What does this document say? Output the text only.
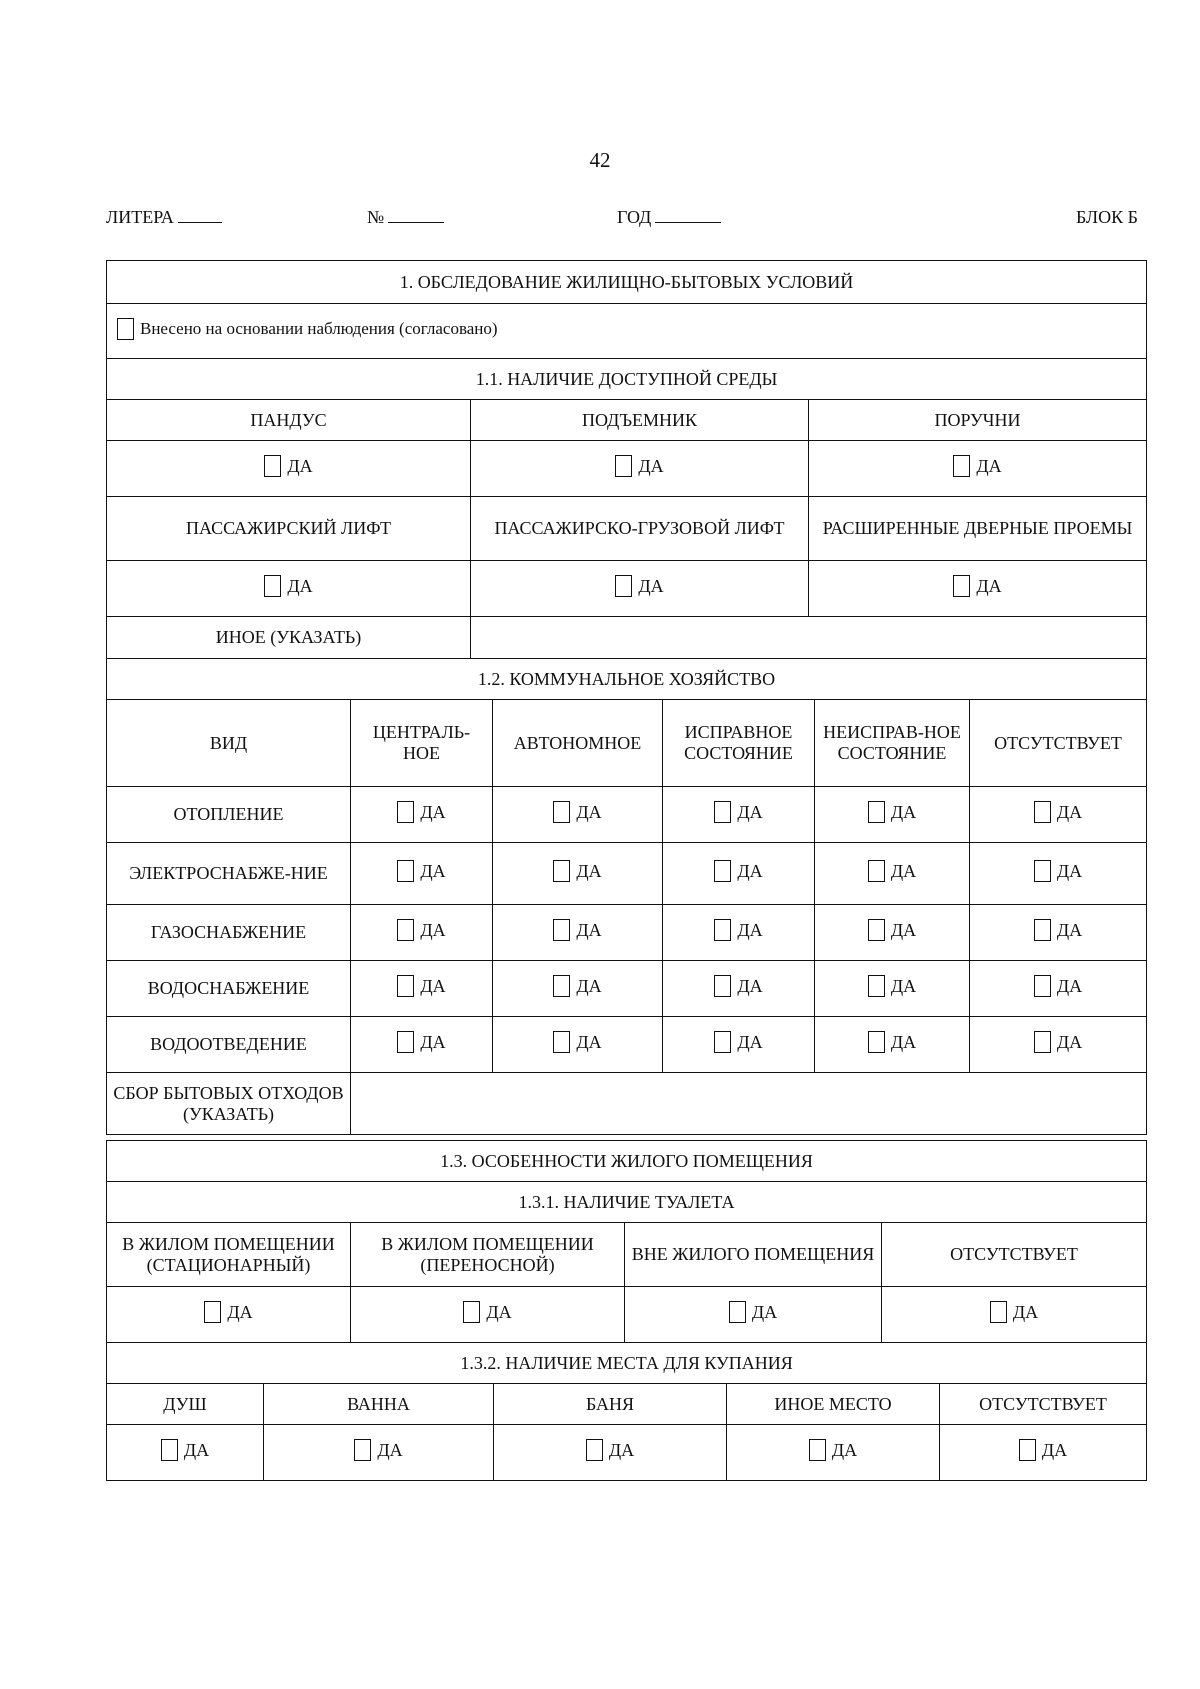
42
ЛИТЕРА	№	ГОД	БЛОК Б
1. ОБСЛЕДОВАНИЕ ЖИЛИЩНО-БЫТОВЫХ УСЛОВИЙ		

Внесено на основании наблюдения (согласовано)		

1.1. НАЛИЧИЕ ДОСТУПНОЙ СРЕДЫ		
ПАНДУС	ПОДЪЕМНИК	ПОРУЧНИ

ДА	ДА	ДА

ПАССАЖИРСКИЙ ЛИФТ	ПАССАЖИРСКО-ГРУЗОВОЙ ЛИФТ	РАСШИРЕННЫЕ ДВЕРНЫЕ ПРОЕМЫ

ДА	ДА	ДА

ИНОЕ (УКАЗАТЬ)		
1.2. КОММУНАЛЬНОЕ ХОЗЯЙСТВО					
ВИД	ЦЕНТРАЛЬ-НОЕ	АВТОНОМНОЕ	ИСПРАВНОЕ СОСТОЯНИЕ	НЕИСПРАВ-НОЕ СОСТОЯНИЕ	ОТСУТСТВУЕТ
ОТОПЛЕНИЕ	ДА	ДА	ДА	ДА	ДА

ЭЛЕКТРОСНАБЖЕ-НИЕ	ДА	ДА	ДА	ДА	ДА

ГАЗОСНАБЖЕНИЕ	ДА	ДА	ДА	ДА	ДА

ВОДОСНАБЖЕНИЕ	ДА	ДА	ДА	ДА	ДА

ВОДООТВЕДЕНИЕ	ДА	ДА	ДА	ДА	ДА

СБОР БЫТОВЫХ ОТХОДОВ (УКАЗАТЬ)					
1.3. ОСОБЕННОСТИ ЖИЛОГО ПОМЕЩЕНИЯ			
1.3.1. НАЛИЧИЕ ТУАЛЕТА			
В ЖИЛОМ ПОМЕЩЕНИИ (СТАЦИОНАРНЫЙ)	В ЖИЛОМ ПОМЕЩЕНИИ (ПЕРЕНОСНОЙ)	ВНЕ ЖИЛОГО ПОМЕЩЕНИЯ	ОТСУТСТВУЕТ

ДА	ДА	ДА	ДА
1.3.2. НАЛИЧИЕ МЕСТА ДЛЯ КУПАНИЯ				
ДУШ	ВАННА	БАНЯ	ИНОЕ МЕСТО	ОТСУТСТВУЕТ

ДА	ДА	ДА	ДА	ДА
